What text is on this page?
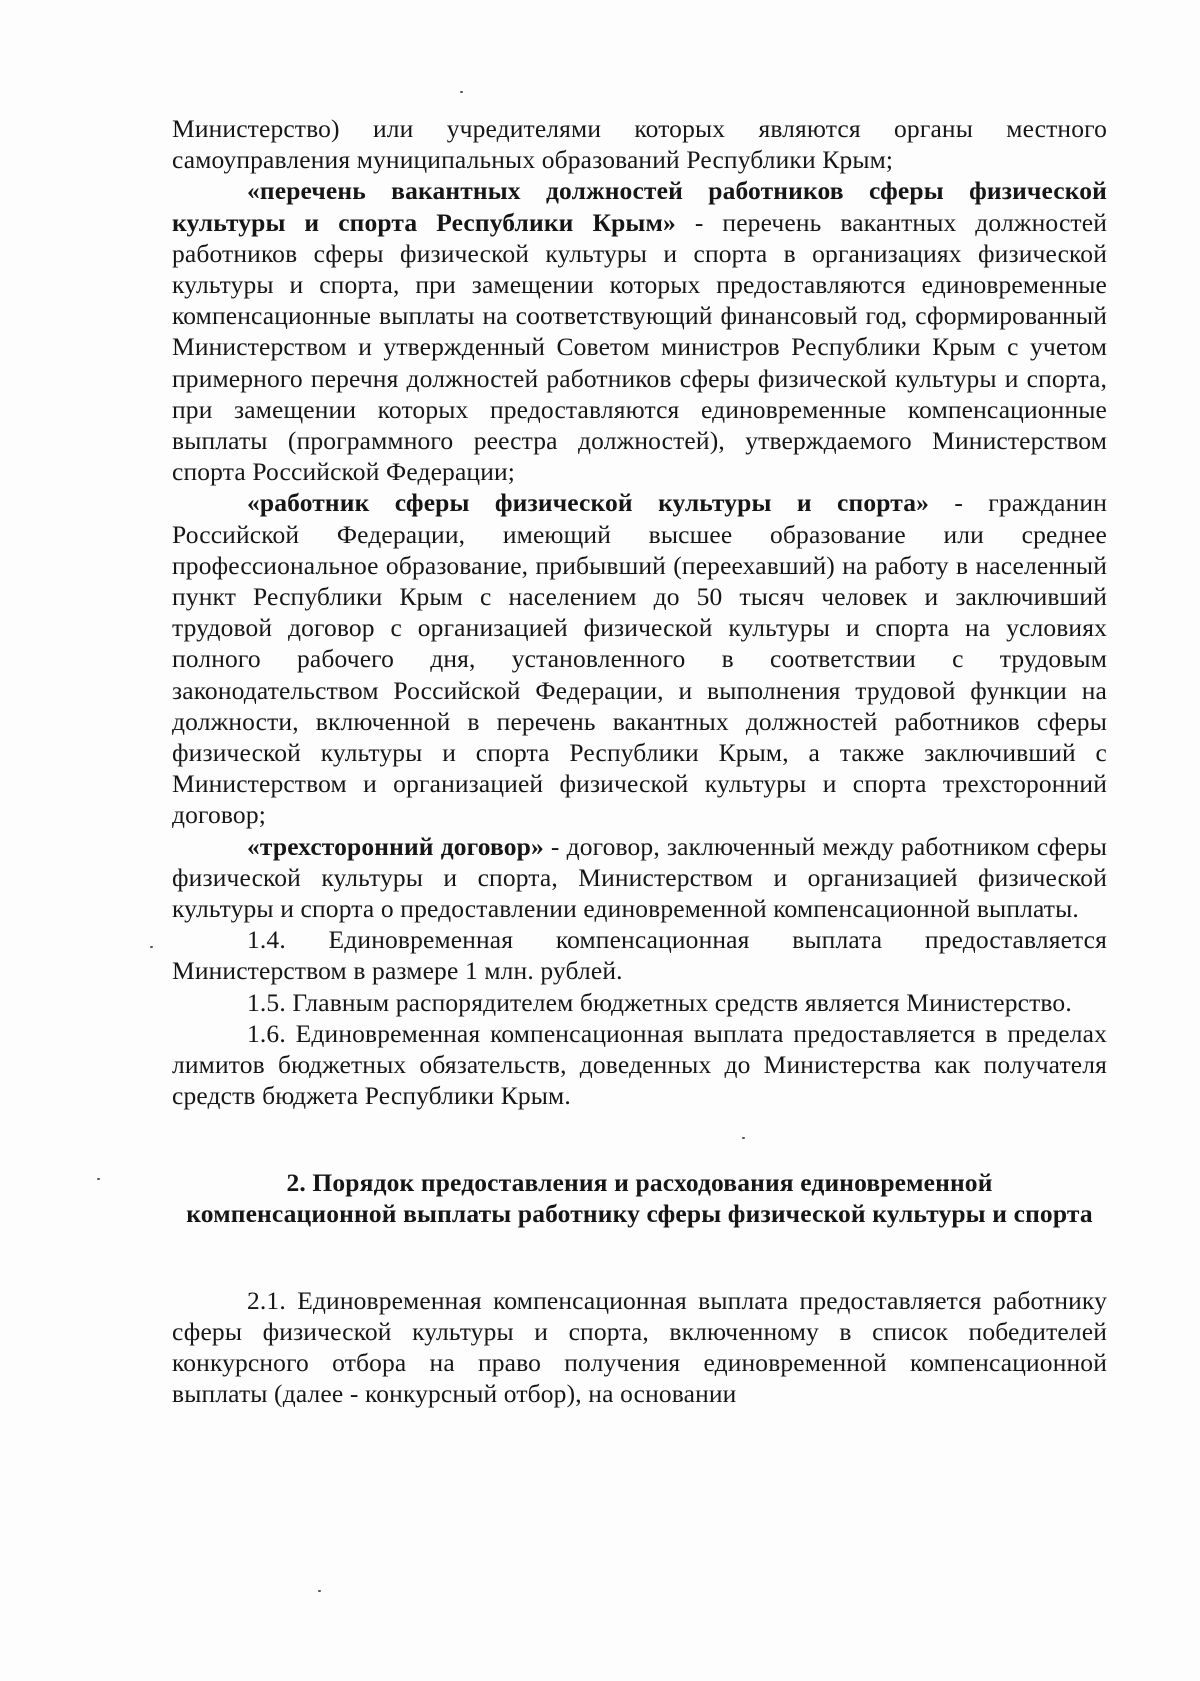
Министерство) или учредителями которых являются органы местного самоуправления муниципальных образований Республики Крым;

«перечень вакантных должностей работников сферы физической культуры и спорта Республики Крым» - перечень вакантных должностей работников сферы физической культуры и спорта в организациях физической культуры и спорта, при замещении которых предоставляются единовременные компенсационные выплаты на соответствующий финансовый год, сформированный Министерством и утвержденный Советом министров Республики Крым с учетом примерного перечня должностей работников сферы физической культуры и спорта, при замещении которых предоставляются единовременные компенсационные выплаты (программного реестра должностей), утверждаемого Министерством спорта Российской Федерации;

«работник сферы физической культуры и спорта» - гражданин Российской Федерации, имеющий высшее образование или среднее профессиональное образование, прибывший (переехавший) на работу в населенный пункт Республики Крым с населением до 50 тысяч человек и заключивший трудовой договор с организацией физической культуры и спорта на условиях полного рабочего дня, установленного в соответствии с трудовым законодательством Российской Федерации, и выполнения трудовой функции на должности, включенной в перечень вакантных должностей работников сферы физической культуры и спорта Республики Крым, а также заключивший с Министерством и организацией физической культуры и спорта трехсторонний договор;

«трехсторонний договор» - договор, заключенный между работником сферы физической культуры и спорта, Министерством и организацией физической культуры и спорта о предоставлении единовременной компенсационной выплаты.

1.4. Единовременная компенсационная выплата предоставляется Министерством в размере 1 млн. рублей.

1.5. Главным распорядителем бюджетных средств является Министерство.

1.6. Единовременная компенсационная выплата предоставляется в пределах лимитов бюджетных обязательств, доведенных до Министерства как получателя средств бюджета Республики Крым.

2. Порядок предоставления и расходования единовременной компенсационной выплаты работнику сферы физической культуры и спорта

2.1. Единовременная компенсационная выплата предоставляется работнику сферы физической культуры и спорта, включенному в список победителей конкурсного отбора на право получения единовременной компенсационной выплаты (далее - конкурсный отбор), на основании
